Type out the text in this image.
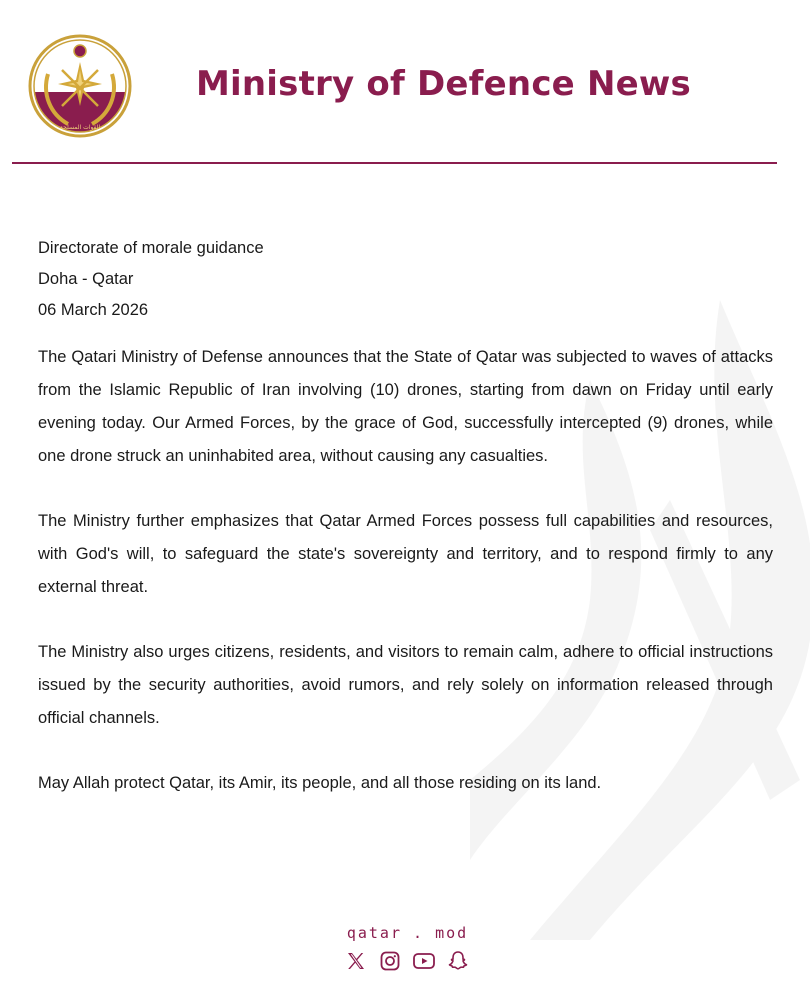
القوات المسلحة
Ministry of Defence News
Directorate of morale guidance
Doha - Qatar
06 March 2026

The Qatari Ministry of Defense announces that the State of Qatar was subjected to waves of attacks from the Islamic Republic of Iran involving (10) drones, starting from dawn on Friday until early evening today. Our Armed Forces, by the grace of God, successfully intercepted (9) drones, while one drone struck an uninhabited area, without causing any casualties.

The Ministry further emphasizes that Qatar Armed Forces possess full capabilities and resources, with God's will, to safeguard the state's sovereignty and territory, and to respond firmly to any external threat.

The Ministry also urges citizens, residents, and visitors to remain calm, adhere to official instructions issued by the security authorities, avoid rumors, and rely solely on information released through official channels.

May Allah protect Qatar, its Amir, its people, and all those residing on its land.

qatar . mod
